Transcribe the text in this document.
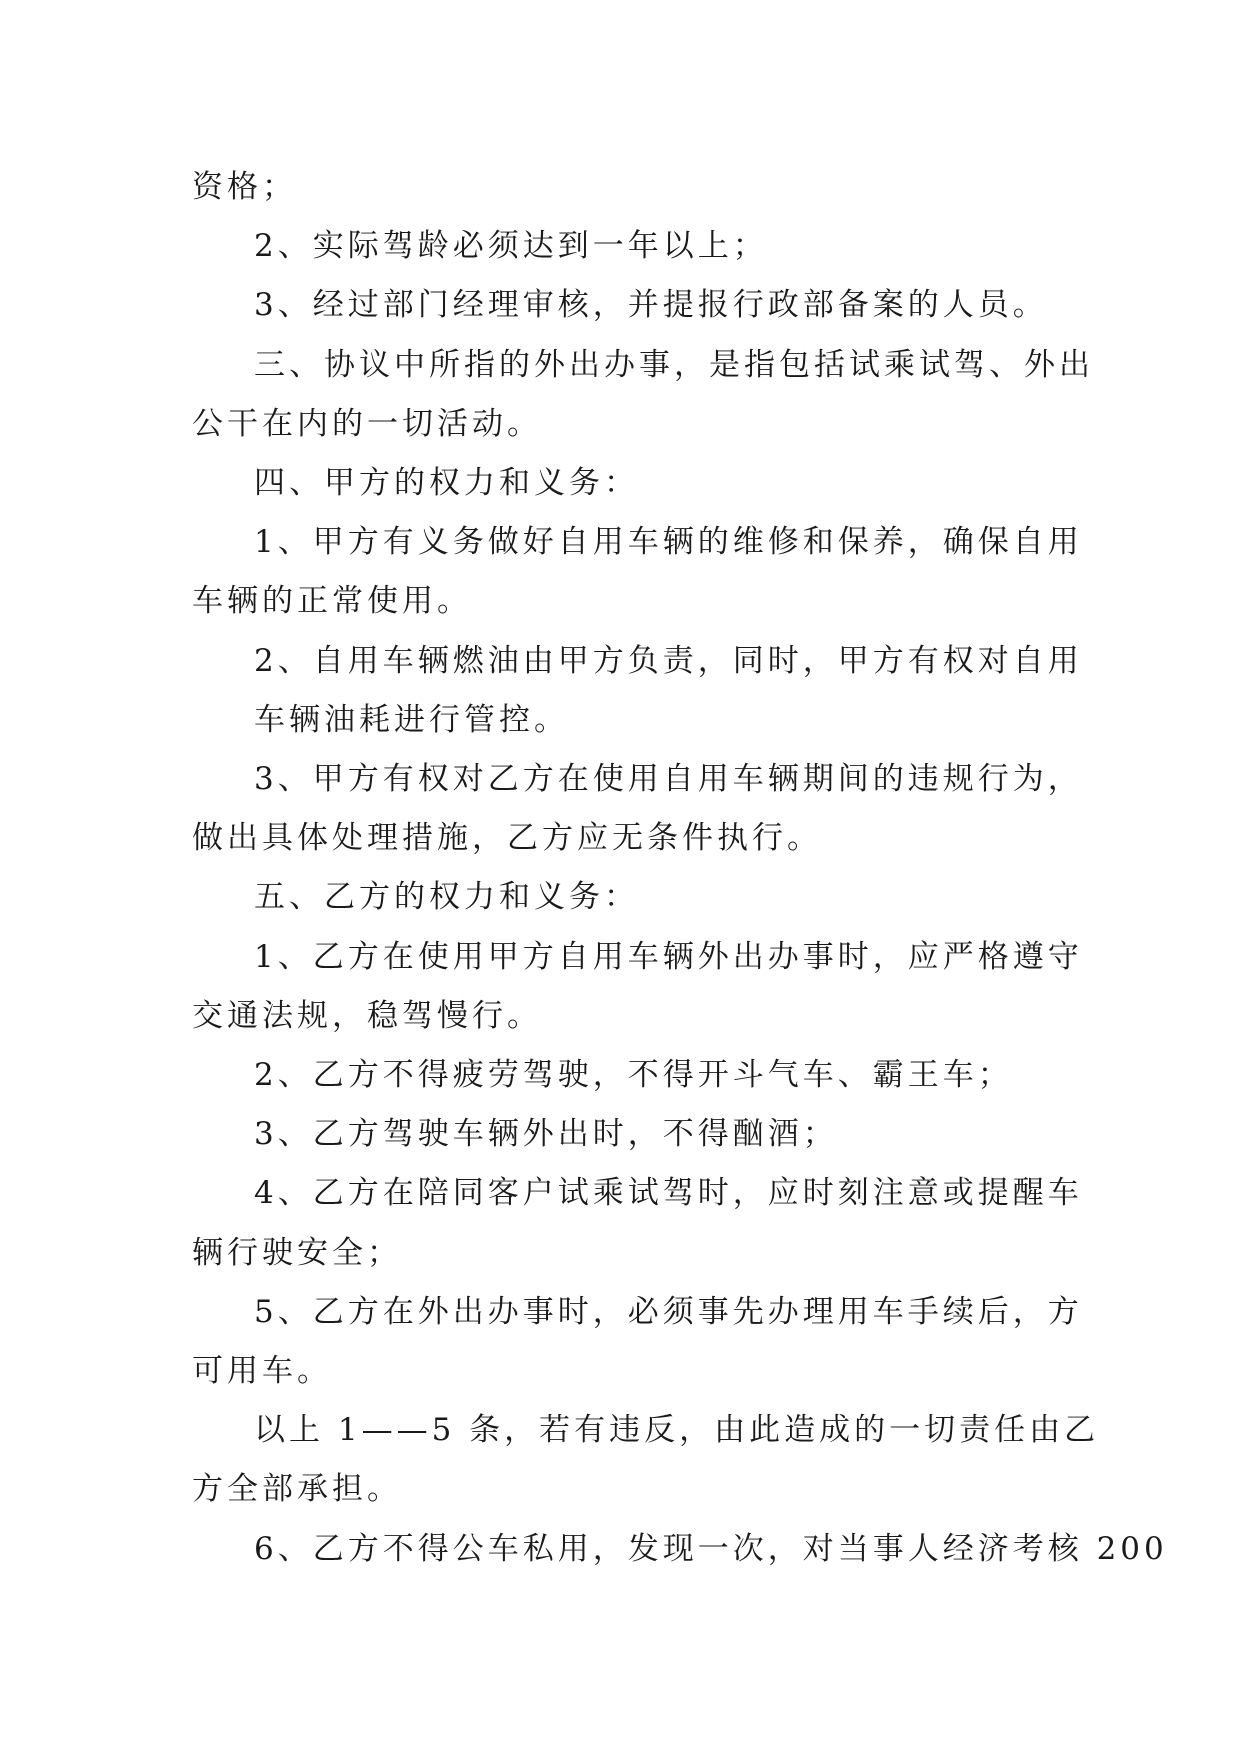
资格；

2、实际驾龄必须达到一年以上；

3、经过部门经理审核，并提报行政部备案的人员。

三、协议中所指的外出办事，是指包括试乘试驾、外出

公干在内的一切活动。

四、甲方的权力和义务：

1、甲方有义务做好自用车辆的维修和保养，确保自用

车辆的正常使用。

2、自用车辆燃油由甲方负责，同时，甲方有权对自用

车辆油耗进行管控。

3、甲方有权对乙方在使用自用车辆期间的违规行为，

做出具体处理措施，乙方应无条件执行。

五、乙方的权力和义务：

1、乙方在使用甲方自用车辆外出办事时，应严格遵守

交通法规，稳驾慢行。

2、乙方不得疲劳驾驶，不得开斗气车、霸王车；

3、乙方驾驶车辆外出时，不得酗酒；

4、乙方在陪同客户试乘试驾时，应时刻注意或提醒车

辆行驶安全；

5、乙方在外出办事时，必须事先办理用车手续后，方

可用车。

以上 1——5 条，若有违反，由此造成的一切责任由乙

方全部承担。

6、乙方不得公车私用，发现一次，对当事人经济考核 200
